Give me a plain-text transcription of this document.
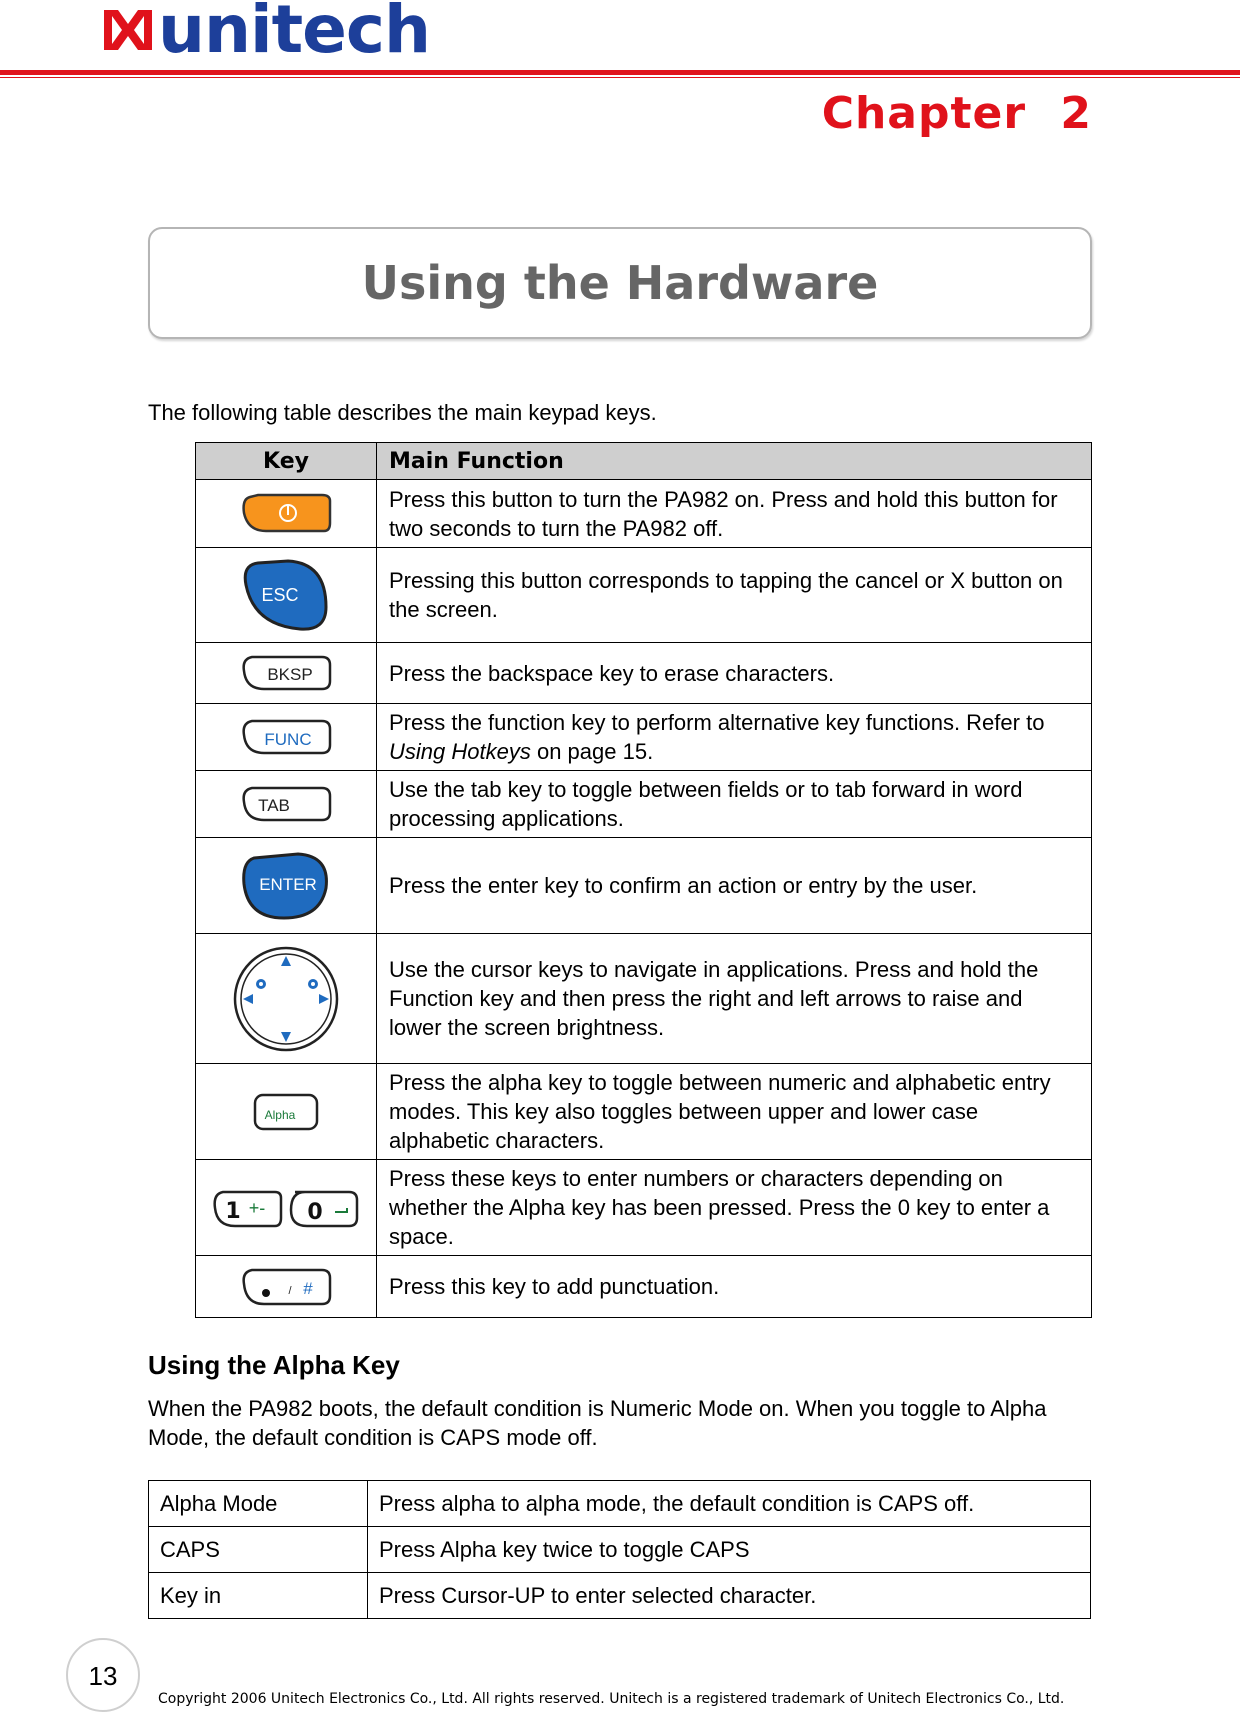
unitech
Chapter 2
Using the Hardware
The following table describes the main keypad keys.
Key	Main Function

	Press this button to turn the PA982 on. Press and hold this button for two seconds to turn the PA982 off.

ESC	Pressing this button corresponds to tapping the cancel or X button on the screen.

BKSP	Press the backspace key to erase characters.

FUNC	Press the function key to perform alternative key functions. Refer to Using Hotkeys on page 15.

TAB	Use the tab key to toggle between fields or to tab forward in word processing applications.

ENTER	Press the enter key to confirm an action or entry by the user.

	Use the cursor keys to navigate in applications. Press and hold the Function key and then press the right and left arrows to raise and lower the screen brightness.

Alpha	Press the alpha key to toggle between numeric and alphabetic entry modes. This key also toggles between upper and lower case alphabetic characters.

1 +- 0	Press these keys to enter numbers or characters depending on whether the Alpha key has been pressed. Press the 0 key to enter a space.

/ #	Press this key to add punctuation.
Using the Alpha Key
When the PA982 boots, the default condition is Numeric Mode on. When you toggle to Alpha Mode, the default condition is CAPS mode off.
Alpha Mode	Press alpha to alpha mode, the default condition is CAPS off.
CAPS	Press Alpha key twice to toggle CAPS
Key in	Press Cursor-UP to enter selected character.
13
Copyright 2006 Unitech Electronics Co., Ltd. All rights reserved. Unitech is a registered trademark of Unitech Electronics Co., Ltd.
